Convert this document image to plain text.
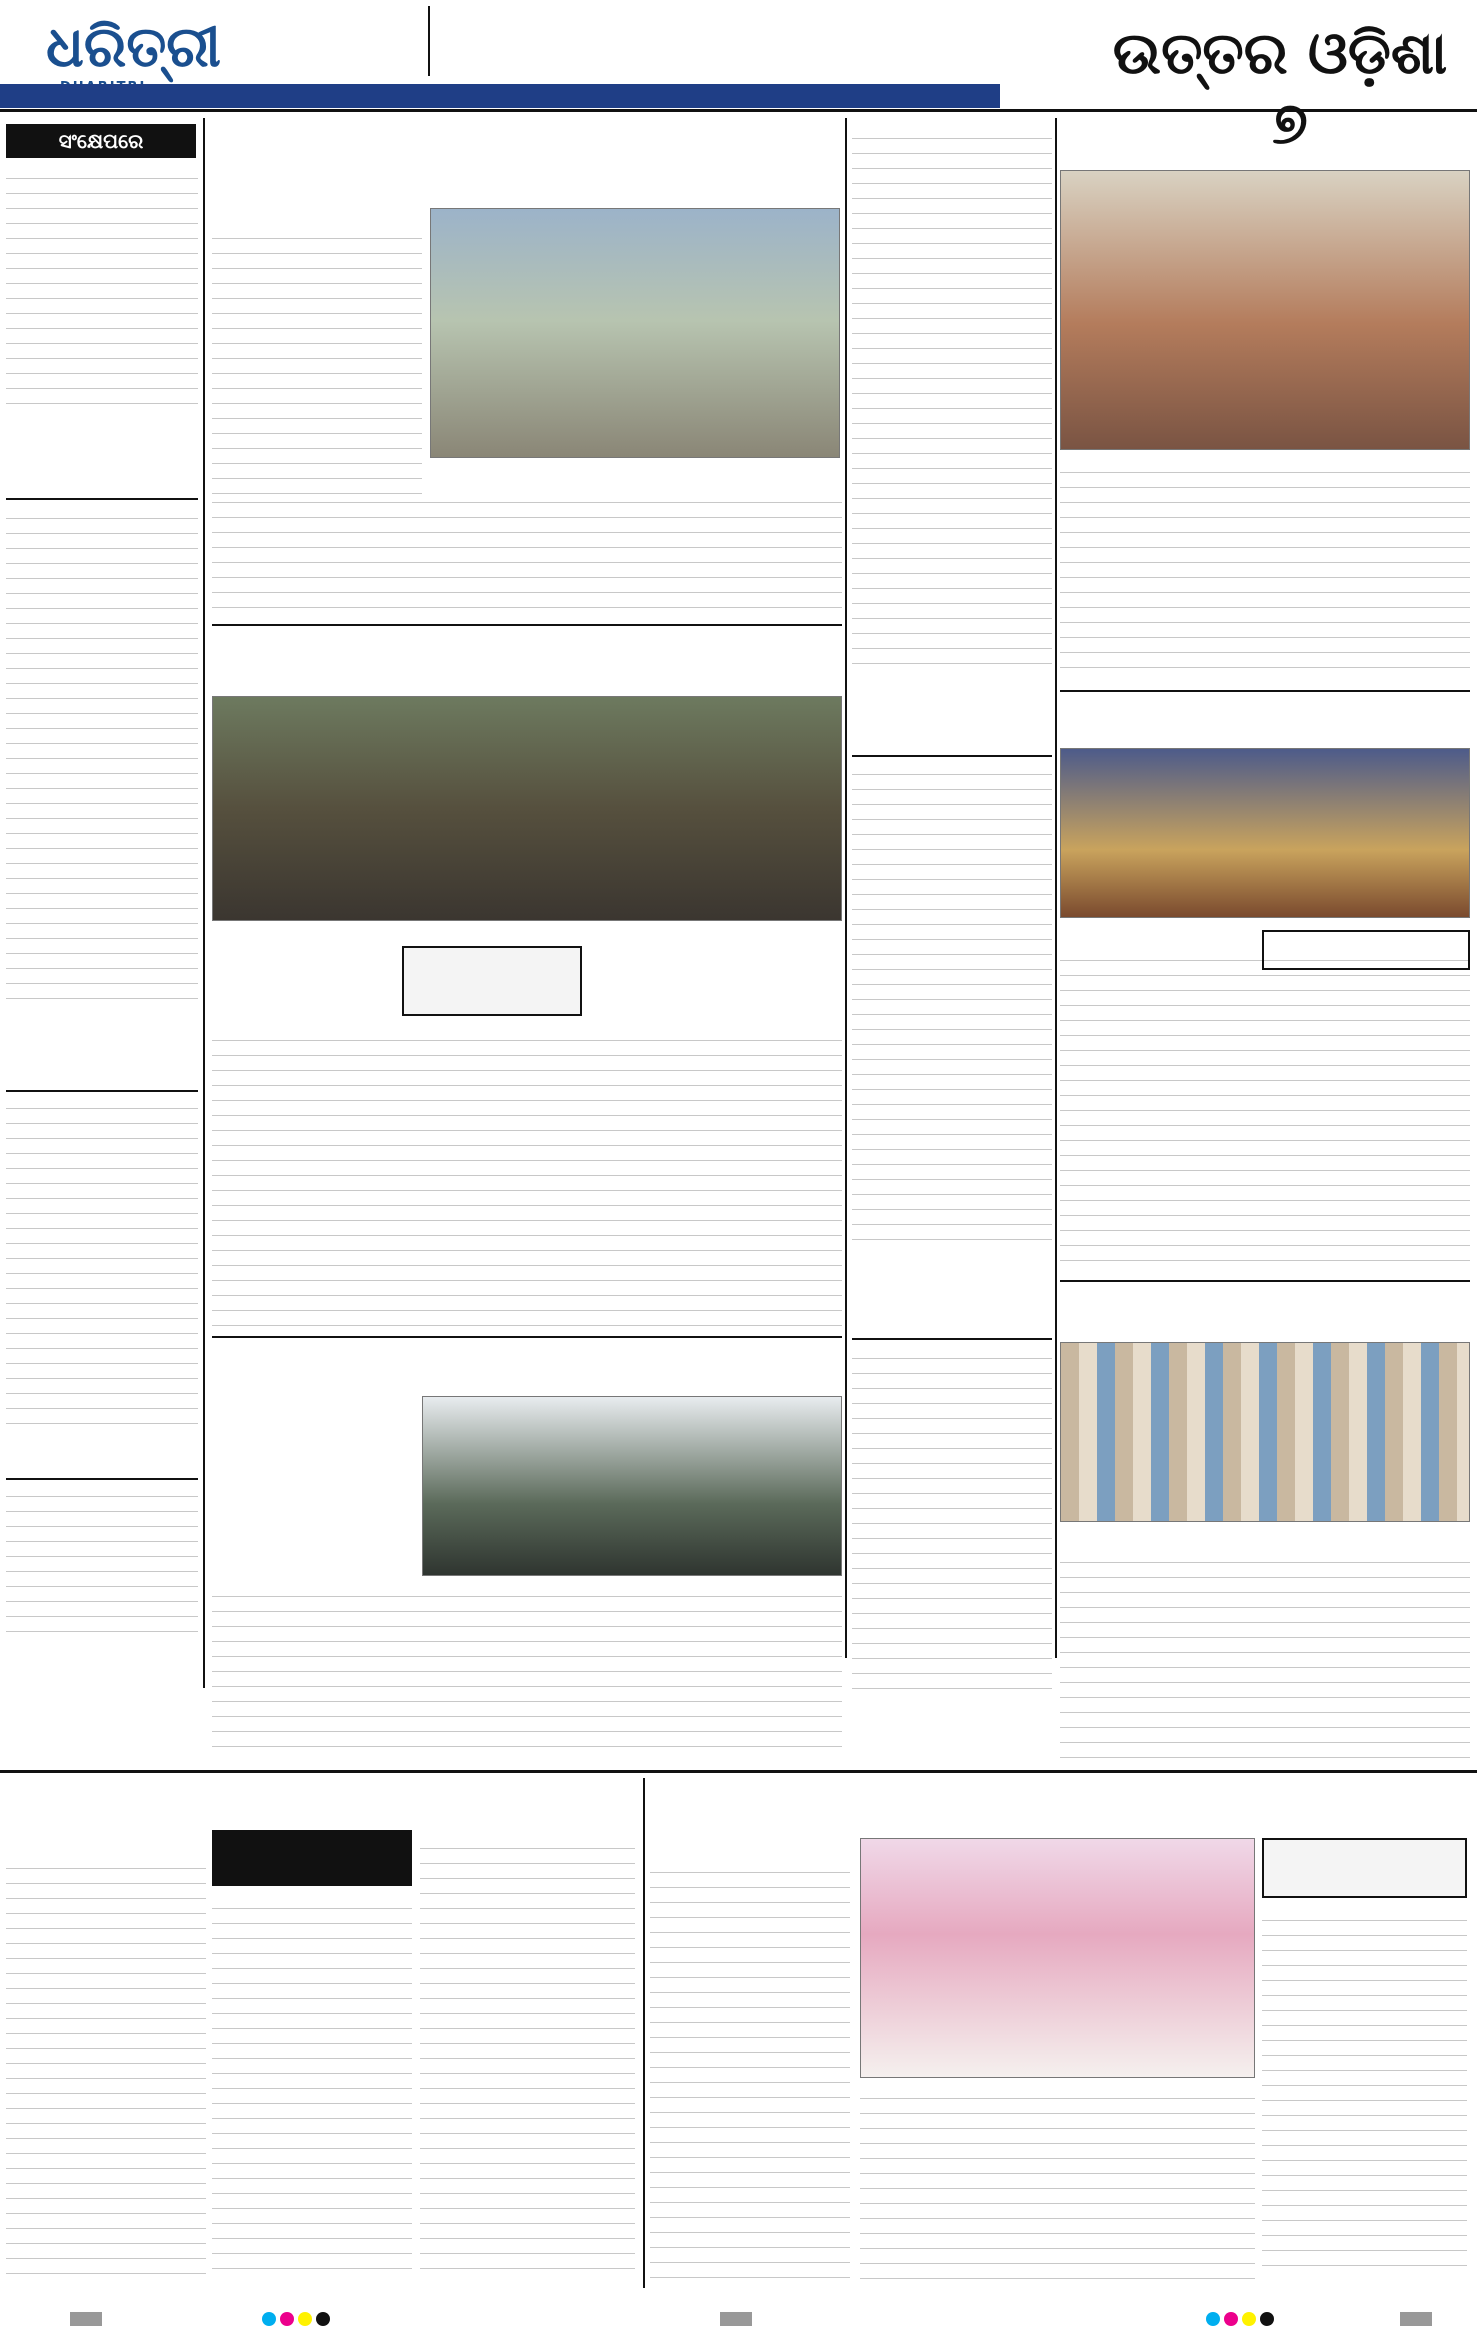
ଧରିତ୍ରୀ	ଉତ୍ତର ଓଡ଼ିଶା ୭
ସଂକ୍ଷେପରେ
